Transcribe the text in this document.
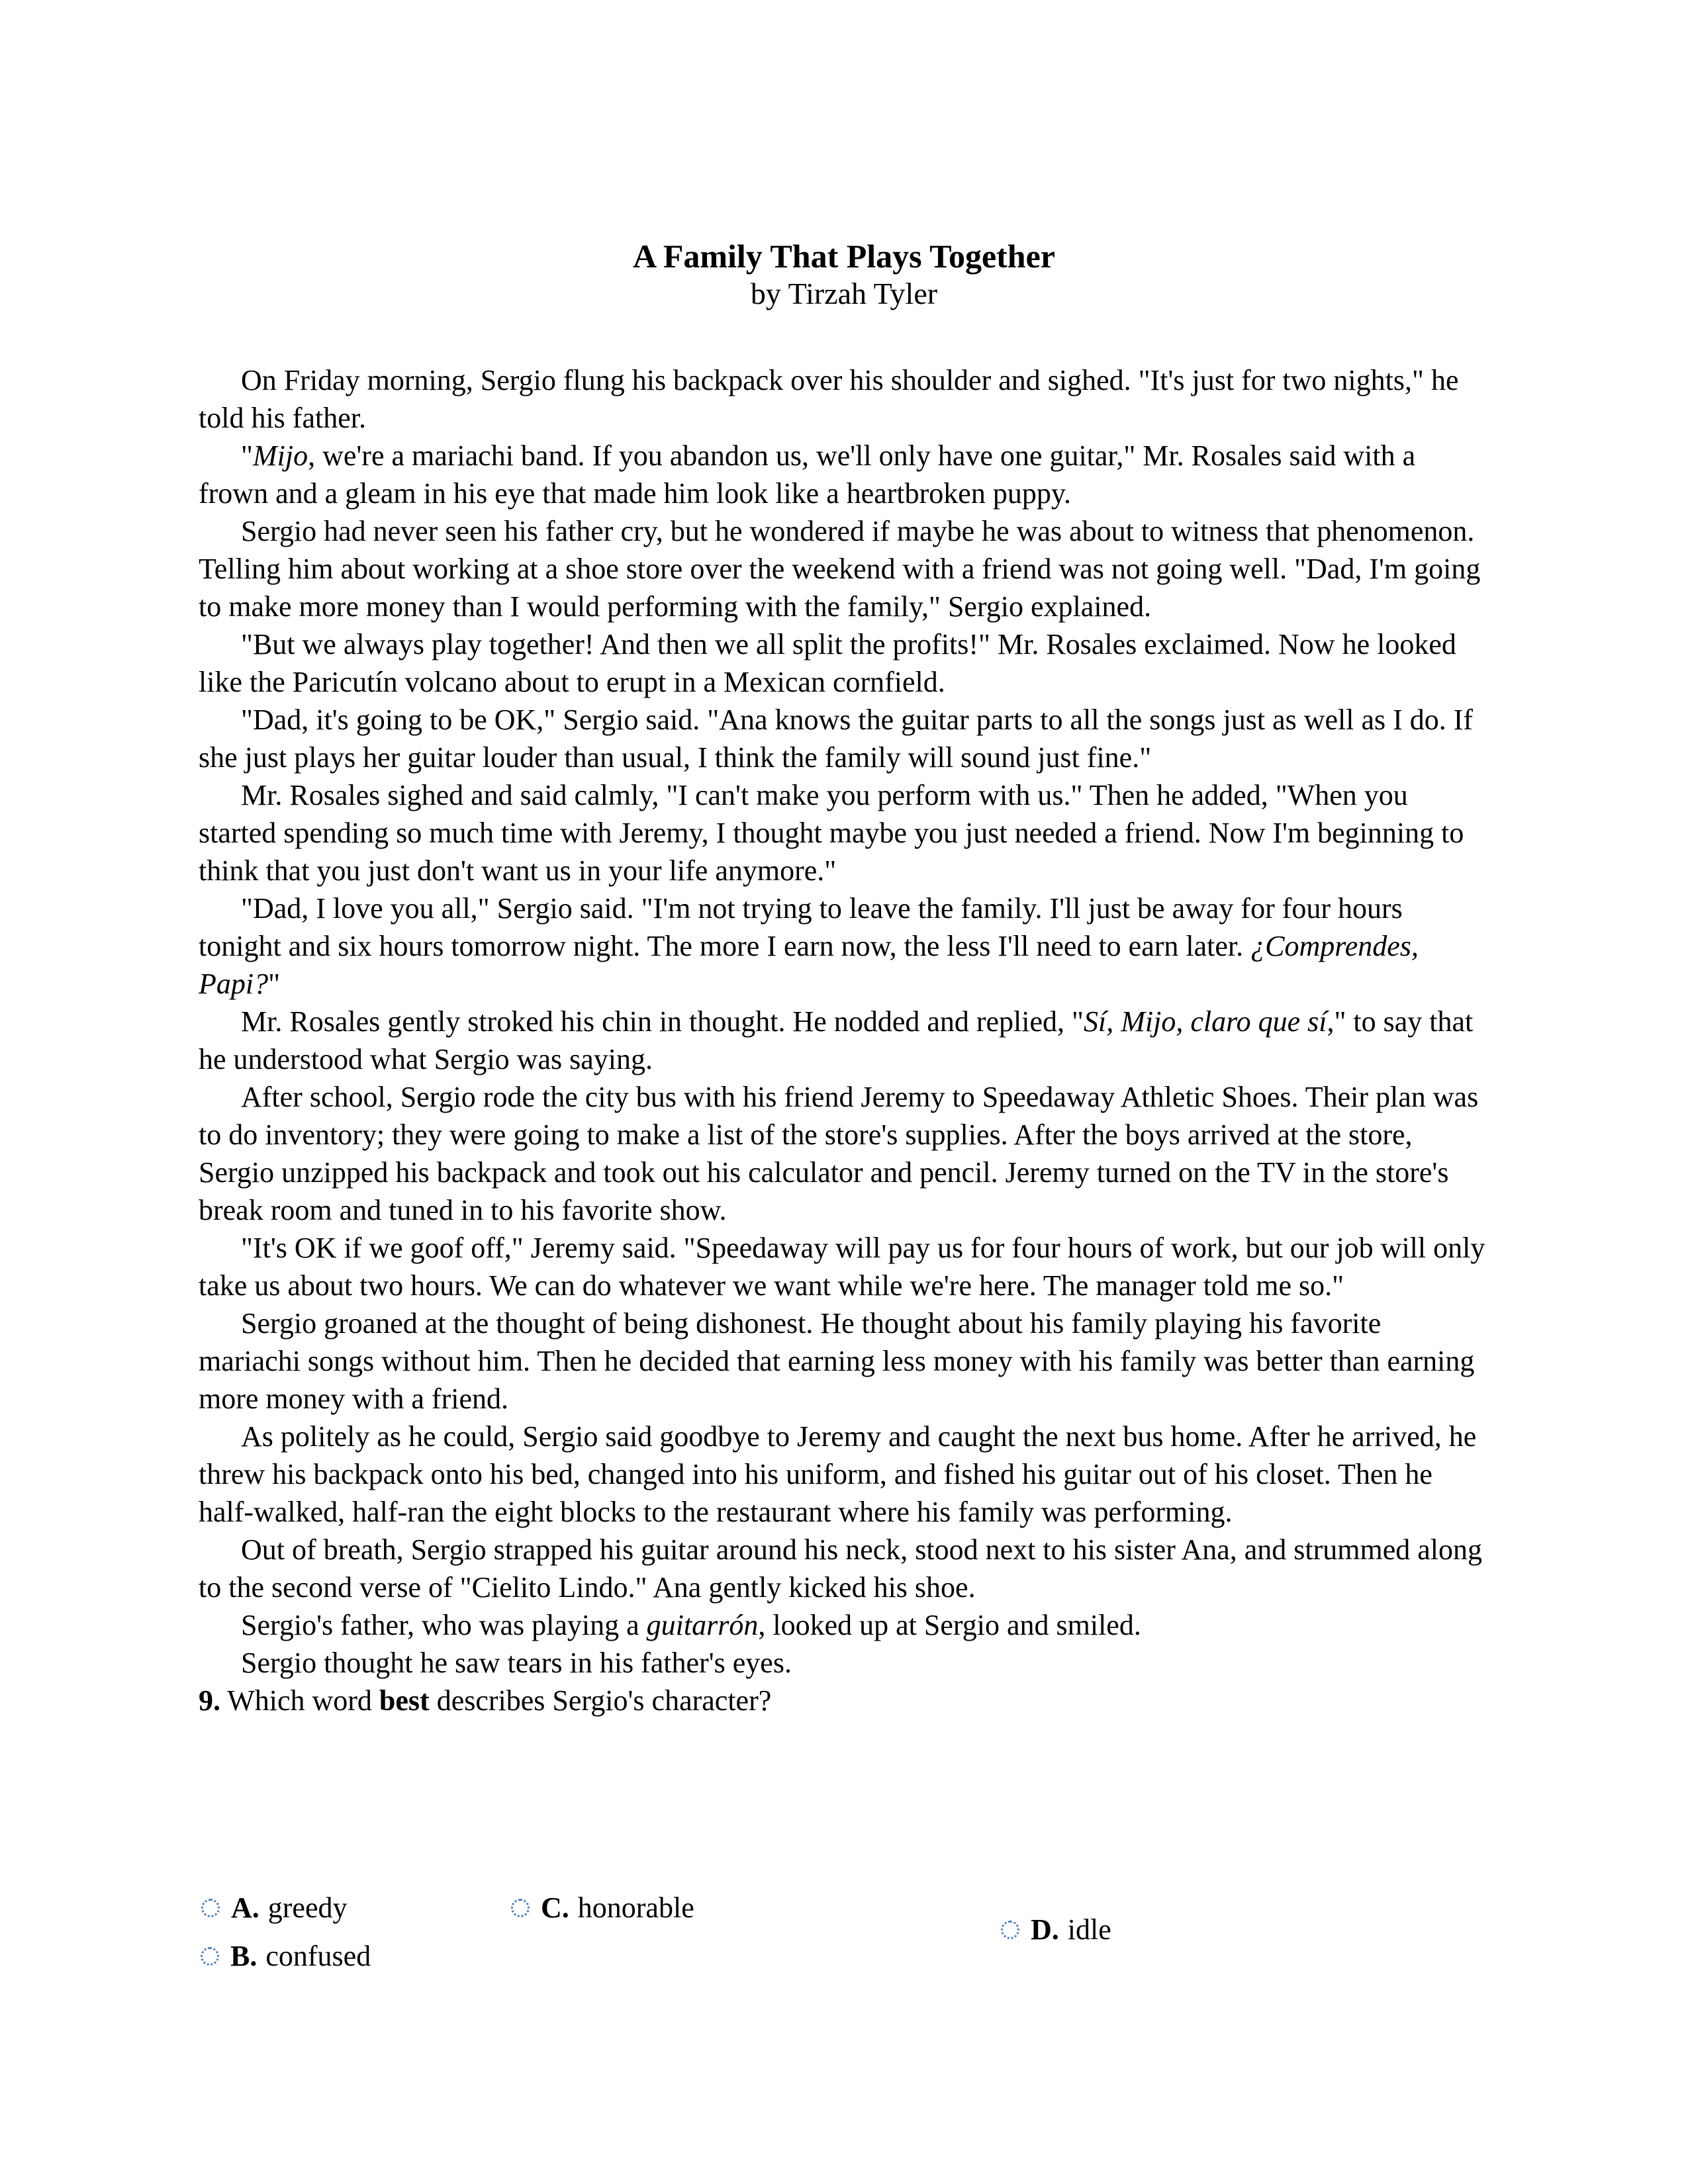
A Family That Plays Together
by Tirzah Tyler

On Friday morning, Sergio flung his backpack over his shoulder and sighed. "It's just for two nights," he told his father.

"Mijo, we're a mariachi band. If you abandon us, we'll only have one guitar," Mr. Rosales said with a frown and a gleam in his eye that made him look like a heartbroken puppy.

Sergio had never seen his father cry, but he wondered if maybe he was about to witness that phenomenon. Telling him about working at a shoe store over the weekend with a friend was not going well. "Dad, I'm going to make more money than I would performing with the family," Sergio explained.

"But we always play together! And then we all split the profits!" Mr. Rosales exclaimed. Now he looked like the Paricutín volcano about to erupt in a Mexican cornfield.

"Dad, it's going to be OK," Sergio said. "Ana knows the guitar parts to all the songs just as well as I do. If she just plays her guitar louder than usual, I think the family will sound just fine."

Mr. Rosales sighed and said calmly, "I can't make you perform with us." Then he added, "When you started spending so much time with Jeremy, I thought maybe you just needed a friend. Now I'm beginning to think that you just don't want us in your life anymore."

"Dad, I love you all," Sergio said. "I'm not trying to leave the family. I'll just be away for four hours tonight and six hours tomorrow night. The more I earn now, the less I'll need to earn later. ¿Comprendes, Papi?"

Mr. Rosales gently stroked his chin in thought. He nodded and replied, "Sí, Mijo, claro que sí," to say that he understood what Sergio was saying.

After school, Sergio rode the city bus with his friend Jeremy to Speedaway Athletic Shoes. Their plan was to do inventory; they were going to make a list of the store's supplies. After the boys arrived at the store, Sergio unzipped his backpack and took out his calculator and pencil. Jeremy turned on the TV in the store's break room and tuned in to his favorite show.

"It's OK if we goof off," Jeremy said. "Speedaway will pay us for four hours of work, but our job will only take us about two hours. We can do whatever we want while we're here. The manager told me so."

Sergio groaned at the thought of being dishonest. He thought about his family playing his favorite mariachi songs without him. Then he decided that earning less money with his family was better than earning more money with a friend.

As politely as he could, Sergio said goodbye to Jeremy and caught the next bus home. After he arrived, he threw his backpack onto his bed, changed into his uniform, and fished his guitar out of his closet. Then he half-walked, half-ran the eight blocks to the restaurant where his family was performing.

Out of breath, Sergio strapped his guitar around his neck, stood next to his sister Ana, and strummed along to the second verse of "Cielito Lindo." Ana gently kicked his shoe.

Sergio's father, who was playing a guitarrón, looked up at Sergio and smiled.

Sergio thought he saw tears in his father's eyes.

9. Which word best describes Sergio's character?

A. greedy
B. confused
C. honorable
D. idle
